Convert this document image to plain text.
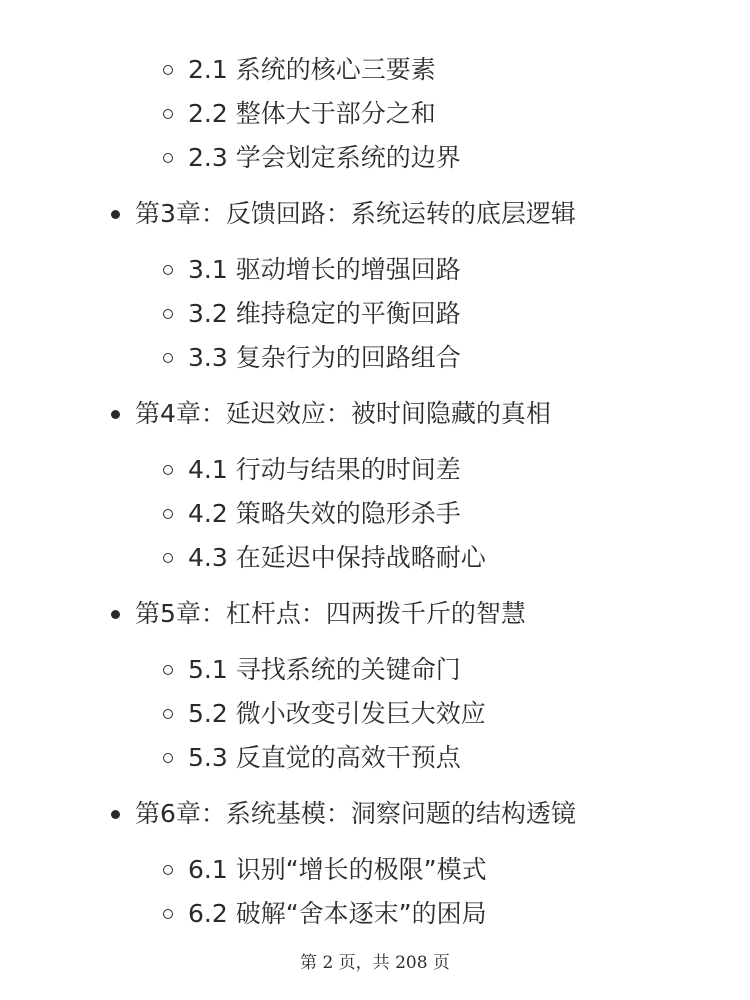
2.1 系统的核心三要素
2.2 整体大于部分之和
2.3 学会划定系统的边界
第3章：反馈回路：系统运转的底层逻辑
3.1 驱动增长的增强回路
3.2 维持稳定的平衡回路
3.3 复杂行为的回路组合
第4章：延迟效应：被时间隐藏的真相
4.1 行动与结果的时间差
4.2 策略失效的隐形杀手
4.3 在延迟中保持战略耐心
第5章：杠杆点：四两拨千斤的智慧
5.1 寻找系统的关键命门
5.2 微小改变引发巨大效应
5.3 反直觉的高效干预点
第6章：系统基模：洞察问题的结构透镜
6.1 识别“增长的极限”模式
6.2 破解“舍本逐末”的困局
第 2 页，共 208 页
